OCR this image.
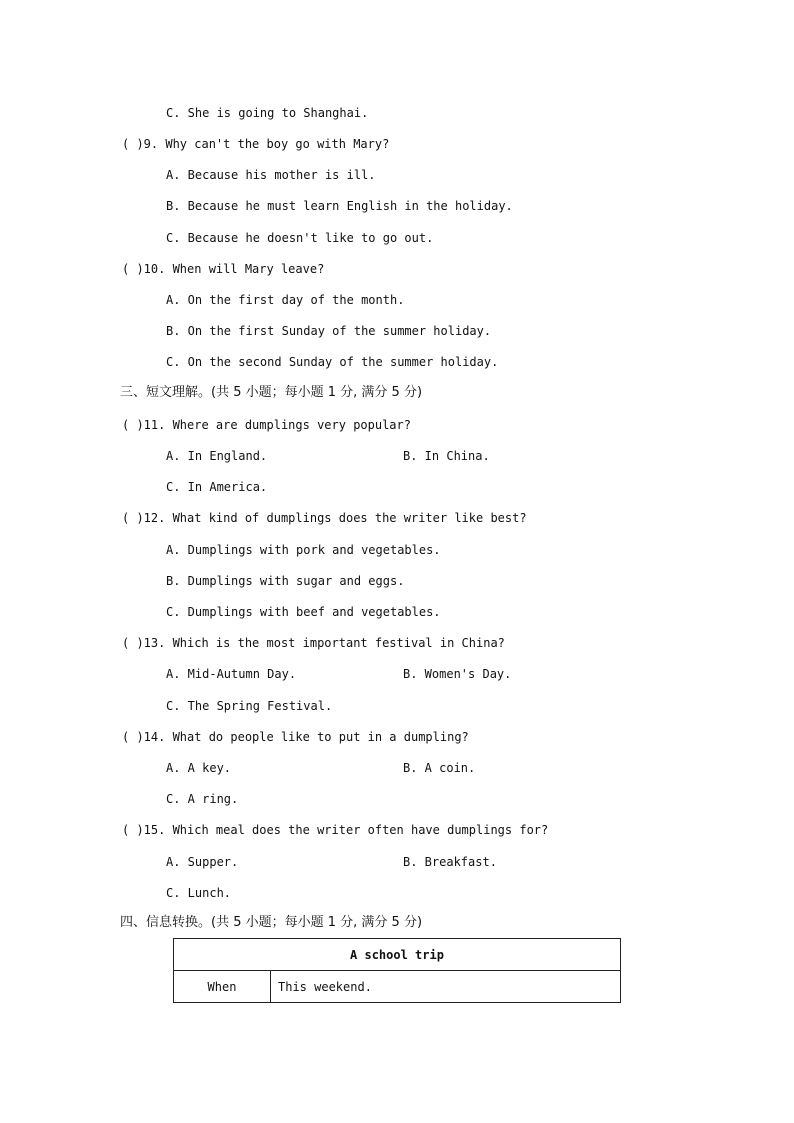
C. She is going to Shanghai.
( )9. Why can't the boy go with Mary?
A. Because his mother is ill.
B. Because he must learn English in the holiday.
C. Because he doesn't like to go out.
( )10. When will Mary leave?
A. On the first day of the month.
B. On the first Sunday of the summer holiday.
C. On the second Sunday of the summer holiday.
三、短文理解。(共 5 小题；每小题 1 分, 满分 5 分)
( )11. Where are dumplings very popular?
A. In England.	B. In China.
C. In America.
( )12. What kind of dumplings does the writer like best?
A. Dumplings with pork and vegetables.
B. Dumplings with sugar and eggs.
C. Dumplings with beef and vegetables.
( )13. Which is the most important festival in China?
A. Mid-Autumn Day.	B. Women's Day.
C. The Spring Festival.
( )14. What do people like to put in a dumpling?
A. A key.	B. A coin.
C. A ring.
( )15. Which meal does the writer often have dumplings for?
A. Supper.	B. Breakfast.
C. Lunch.
四、信息转换。(共 5 小题；每小题 1 分, 满分 5 分)
A school trip
When	This weekend.
